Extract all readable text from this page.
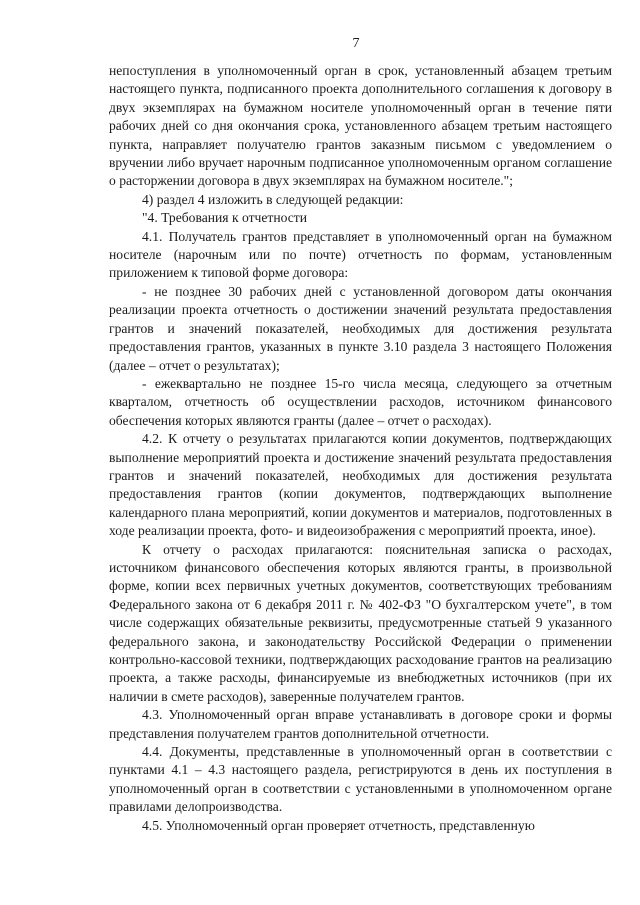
7

непоступления в уполномоченный орган в срок, установленный абзацем третьим настоящего пункта, подписанного проекта дополнительного соглашения к договору в двух экземплярах на бумажном носителе уполномоченный орган в течение пяти рабочих дней со дня окончания срока, установленного абзацем третьим настоящего пункта, направляет получателю грантов заказным письмом с уведомлением о вручении либо вручает нарочным подписанное уполномоченным органом соглашение о расторжении договора в двух экземплярах на бумажном носителе.";

4) раздел 4 изложить в следующей редакции:

"4. Требования к отчетности

4.1. Получатель грантов представляет в уполномоченный орган на бумажном носителе (нарочным или по почте) отчетность по формам, установленным приложением к типовой форме договора:

- не позднее 30 рабочих дней с установленной договором даты окончания реализации проекта отчетность о достижении значений результата предоставления грантов и значений показателей, необходимых для достижения результата предоставления грантов, указанных в пункте 3.10 раздела 3 настоящего Положения (далее – отчет о результатах);

- ежеквартально не позднее 15-го числа месяца, следующего за отчетным кварталом, отчетность об осуществлении расходов, источником финансового обеспечения которых являются гранты (далее – отчет о расходах).

4.2. К отчету о результатах прилагаются копии документов, подтверждающих выполнение мероприятий проекта и достижение значений результата предоставления грантов и значений показателей, необходимых для достижения результата предоставления грантов (копии документов, подтверждающих выполнение календарного плана мероприятий, копии документов и материалов, подготовленных в ходе реализации проекта, фото- и видеоизображения с мероприятий проекта, иное).

К отчету о расходах прилагаются: пояснительная записка о расходах, источником финансового обеспечения которых являются гранты, в произвольной форме, копии всех первичных учетных документов, соответствующих требованиям Федерального закона от 6 декабря 2011 г. № 402-ФЗ "О бухгалтерском учете", в том числе содержащих обязательные реквизиты, предусмотренные статьей 9 указанного федерального закона, и законодательству Российской Федерации о применении контрольно-кассовой техники, подтверждающих расходование грантов на реализацию проекта, а также расходы, финансируемые из внебюджетных источников (при их наличии в смете расходов), заверенные получателем грантов.

4.3. Уполномоченный орган вправе устанавливать в договоре сроки и формы представления получателем грантов дополнительной отчетности.

4.4. Документы, представленные в уполномоченный орган в соответствии с пунктами 4.1 – 4.3 настоящего раздела, регистрируются в день их поступления в уполномоченный орган в соответствии с установленными в уполномоченном органе правилами делопроизводства.

4.5. Уполномоченный орган проверяет отчетность, представленную
